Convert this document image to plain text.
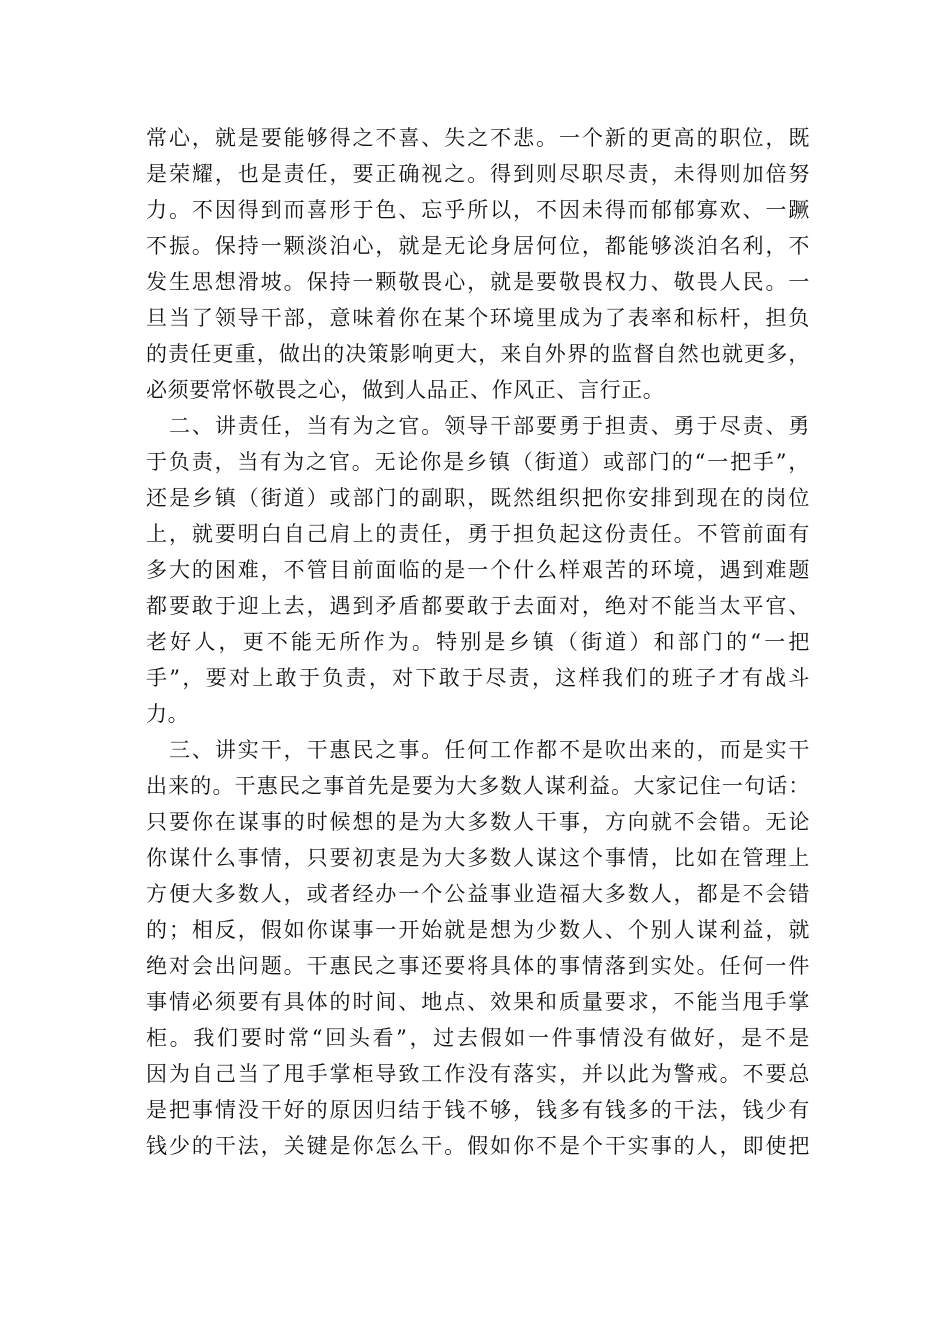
常心，就是要能够得之不喜、失之不悲。一个新的更高的职位，既
是荣耀，也是责任，要正确视之。得到则尽职尽责，未得则加倍努
力。不因得到而喜形于色、忘乎所以，不因未得而郁郁寡欢、一蹶
不振。保持一颗淡泊心，就是无论身居何位，都能够淡泊名利，不
发生思想滑坡。保持一颗敬畏心，就是要敬畏权力、敬畏人民。一
旦当了领导干部，意味着你在某个环境里成为了表率和标杆，担负
的责任更重，做出的决策影响更大，来自外界的监督自然也就更多，
必须要常怀敬畏之心，做到人品正、作风正、言行正。
　二、讲责任，当有为之官。领导干部要勇于担责、勇于尽责、勇
于负责，当有为之官。无论你是乡镇（街道）或部门的“一把手”，
还是乡镇（街道）或部门的副职，既然组织把你安排到现在的岗位
上，就要明白自己肩上的责任，勇于担负起这份责任。不管前面有
多大的困难，不管目前面临的是一个什么样艰苦的环境，遇到难题
都要敢于迎上去，遇到矛盾都要敢于去面对，绝对不能当太平官、
老好人，更不能无所作为。特别是乡镇（街道）和部门的“一把
手”，要对上敢于负责，对下敢于尽责，这样我们的班子才有战斗
力。
　三、讲实干，干惠民之事。任何工作都不是吹出来的，而是实干
出来的。干惠民之事首先是要为大多数人谋利益。大家记住一句话：
只要你在谋事的时候想的是为大多数人干事，方向就不会错。无论
你谋什么事情，只要初衷是为大多数人谋这个事情，比如在管理上
方便大多数人，或者经办一个公益事业造福大多数人，都是不会错
的；相反，假如你谋事一开始就是想为少数人、个别人谋利益，就
绝对会出问题。干惠民之事还要将具体的事情落到实处。任何一件
事情必须要有具体的时间、地点、效果和质量要求，不能当甩手掌
柜。我们要时常“回头看”，过去假如一件事情没有做好，是不是
因为自己当了甩手掌柜导致工作没有落实，并以此为警戒。不要总
是把事情没干好的原因归结于钱不够，钱多有钱多的干法，钱少有
钱少的干法，关键是你怎么干。假如你不是个干实事的人，即使把
